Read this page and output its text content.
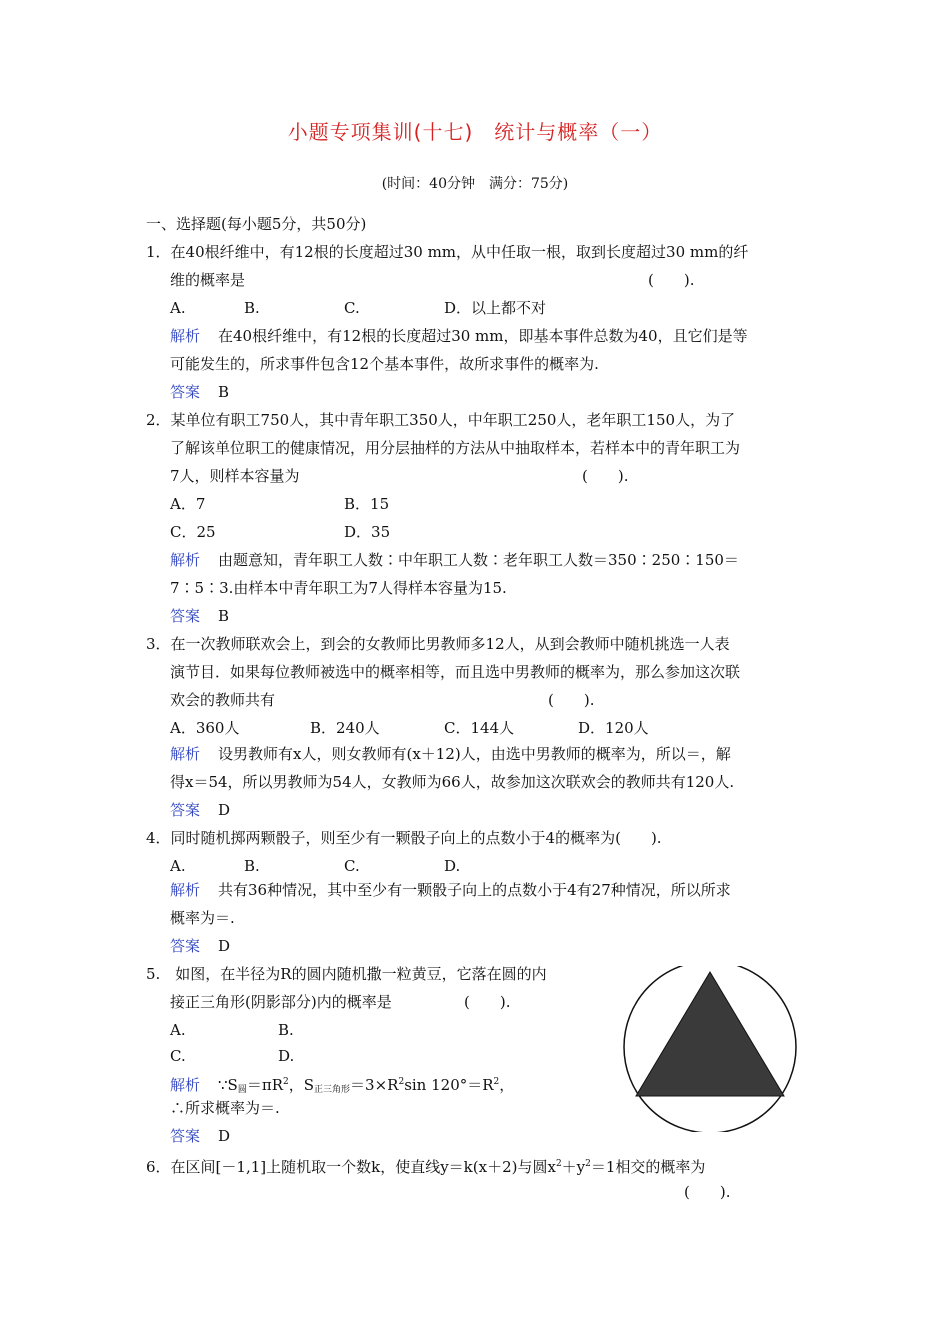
小题专项集训(十七)　统计与概率（一）
(时间：40分钟　满分：75分)
一、选择题(每小题5分，共50分)
1．在40根纤维中，有12根的长度超过30 mm，从中任取一根，取到长度超过30 mm的纤
维的概率是	(　　).
A.	B.	C.	D．以上都不对
解析 在40根纤维中，有12根的长度超过30 mm，即基本事件总数为40，且它们是等
可能发生的，所求事件包含12个基本事件，故所求事件的概率为.
答案 B
2．某单位有职工750人，其中青年职工350人，中年职工250人，老年职工150人，为了
了解该单位职工的健康情况，用分层抽样的方法从中抽取样本，若样本中的青年职工为
7人，则样本容量为	(　　).
A．7	B．15
C．25	D．35
解析 由题意知，青年职工人数∶中年职工人数∶老年职工人数＝350∶250∶150＝
7∶5∶3.由样本中青年职工为7人得样本容量为15.
答案 B
3．在一次教师联欢会上，到会的女教师比男教师多12人，从到会教师中随机挑选一人表
演节目．如果每位教师被选中的概率相等，而且选中男教师的概率为，那么参加这次联
欢会的教师共有	(　　).
A．360人	B．240人	C．144人	D．120人
解析 设男教师有x人，则女教师有(x＋12)人，由选中男教师的概率为，所以＝，解
得x＝54，所以男教师为54人，女教师为66人，故参加这次联欢会的教师共有120人.
答案 D
4．同时随机掷两颗骰子，则至少有一颗骰子向上的点数小于4的概率为(　　).
A.	B.	C.	D.
解析 共有36种情况，其中至少有一颗骰子向上的点数小于4有27种情况，所以所求
概率为＝.
答案 D
5.　如图，在半径为R的圆内随机撒一粒黄豆，它落在圆的内
接正三角形(阴影部分)内的概率是	(　　).
A.	B.
C.	D.
解析 $\because S_圆=\pi R^2$，$S_{正三角形}=3\times R^2\sin$ $120^\circ=R^2$，
∴所求概率为＝.
答案 D
6．在区间[－1,1]上随机取一个数k，使直线y＝k(x＋2)与圆$x^2+y^2=1$相交的概率为
(　　).
